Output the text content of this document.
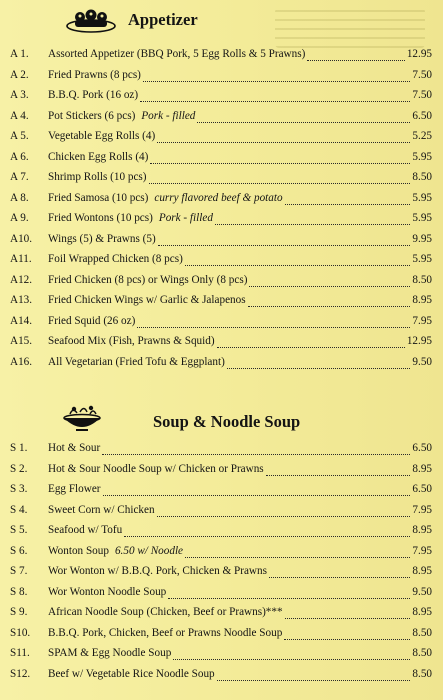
Appetizer
A 1.	Assorted Appetizer (BBQ Pork, 5 Egg Rolls & 5 Prawns)	12.95
A 2.	Fried Prawns (8 pcs)	7.50
A 3.	B.B.Q. Pork (16 oz)	7.50
A 4.	Pot Stickers (6 pcs) Pork - filled	6.50
A 5.	Vegetable Egg Rolls (4)	5.25
A 6.	Chicken Egg Rolls (4)	5.95
A 7.	Shrimp Rolls (10 pcs)	8.50
A 8.	Fried Samosa (10 pcs) curry flavored beef & potato	5.95
A 9.	Fried Wontons (10 pcs) Pork - filled	5.95
A10.	Wings (5) & Prawns (5)	9.95
A11.	Foil Wrapped Chicken (8 pcs)	5.95
A12.	Fried Chicken (8 pcs) or Wings Only (8 pcs)	8.50
A13.	Fried Chicken Wings w/ Garlic & Jalapenos	8.95
A14.	Fried Squid (26 oz)	7.95
A15.	Seafood Mix (Fish, Prawns & Squid)	12.95
A16.	All Vegetarian (Fried Tofu & Eggplant)	9.50
Soup & Noodle Soup
S 1.	Hot & Sour	6.50
S 2.	Hot & Sour Noodle Soup w/ Chicken or Prawns	8.95
S 3.	Egg Flower	6.50
S 4.	Sweet Corn w/ Chicken	7.95
S 5.	Seafood w/ Tofu	8.95
S 6.	Wonton Soup 6.50 w/ Noodle	7.95
S 7.	Wor Wonton w/ B.B.Q. Pork, Chicken & Prawns	8.95
S 8.	Wor Wonton Noodle Soup	9.50
S 9.	African Noodle Soup (Chicken, Beef or Prawns)***	8.95
S10.	B.B.Q. Pork, Chicken, Beef or Prawns Noodle Soup	8.50
S11.	SPAM & Egg Noodle Soup	8.50
S12.	Beef w/ Vegetable Rice Noodle Soup	8.50
